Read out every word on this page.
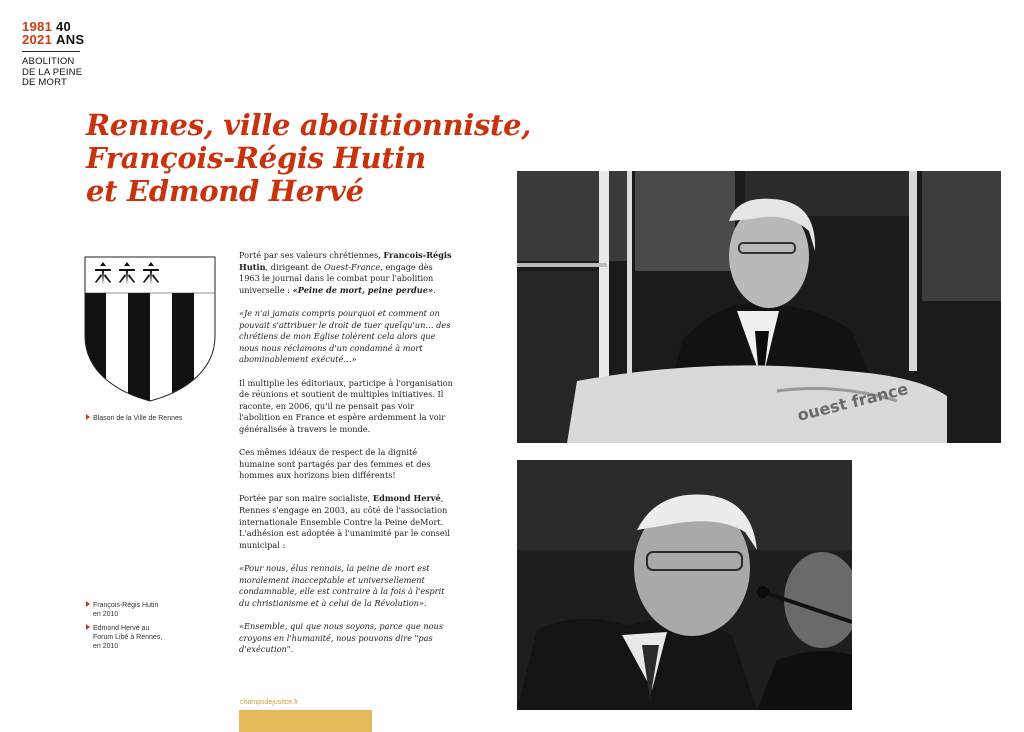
1981 40
2021 ANS
ABOLITION
DE LA PEINE
DE MORT
Rennes, ville abolitionniste,
François-Régis Hutin
et Edmond Hervé
Blason de la Ville de Rennes
François-Régis Hutin
en 2010
Edmond Hervé au
Forum Libé à Rennes,
en 2010

Porté par ses valeurs chrétiennes, Francois-Régis Hutin, dirigeant de Ouest-France, engage dès 1963 le journal dans le combat pour l'abolition universelle : «Peine de mort, peine perdue».

«Je n'ai jamais compris pourquoi et comment on pouvait s'attribuer le droit de tuer quelqu'un… des chrétiens de mon Église tolèrent cela alors que nous nous réclamons d'un condamné à mort abominablement exécuté…»

Il multiplie les éditoriaux, participe à l'organisation de réunions et soutient de multiples initiatives. Il raconte, en 2006, qu'il ne pensait pas voir l'abolition en France et espère ardemment la voir généralisée à travers le monde.

Ces mêmes idéaux de respect de la dignité humaine sont partagés par des femmes et des hommes aux horizons bien différents!

Portée par son maire socialiste, Edmond Hervé, Rennes s'engage en 2003, au côté de l'association internationale Ensemble Contre la Peine deMort. L'adhésion est adoptée à l'unanimité par le conseil municipal :

«Pour nous, élus rennais, la peine de mort est moralement inacceptable et universellement condamnable, elle est contraire à la fois à l'esprit du christianisme et à celui de la Révolution».

«Ensemble, qui que nous soyons, parce que nous croyons en l'humanité, nous pouvons dire "pas d'exécution".

champsdejustice.fr
ouest france
